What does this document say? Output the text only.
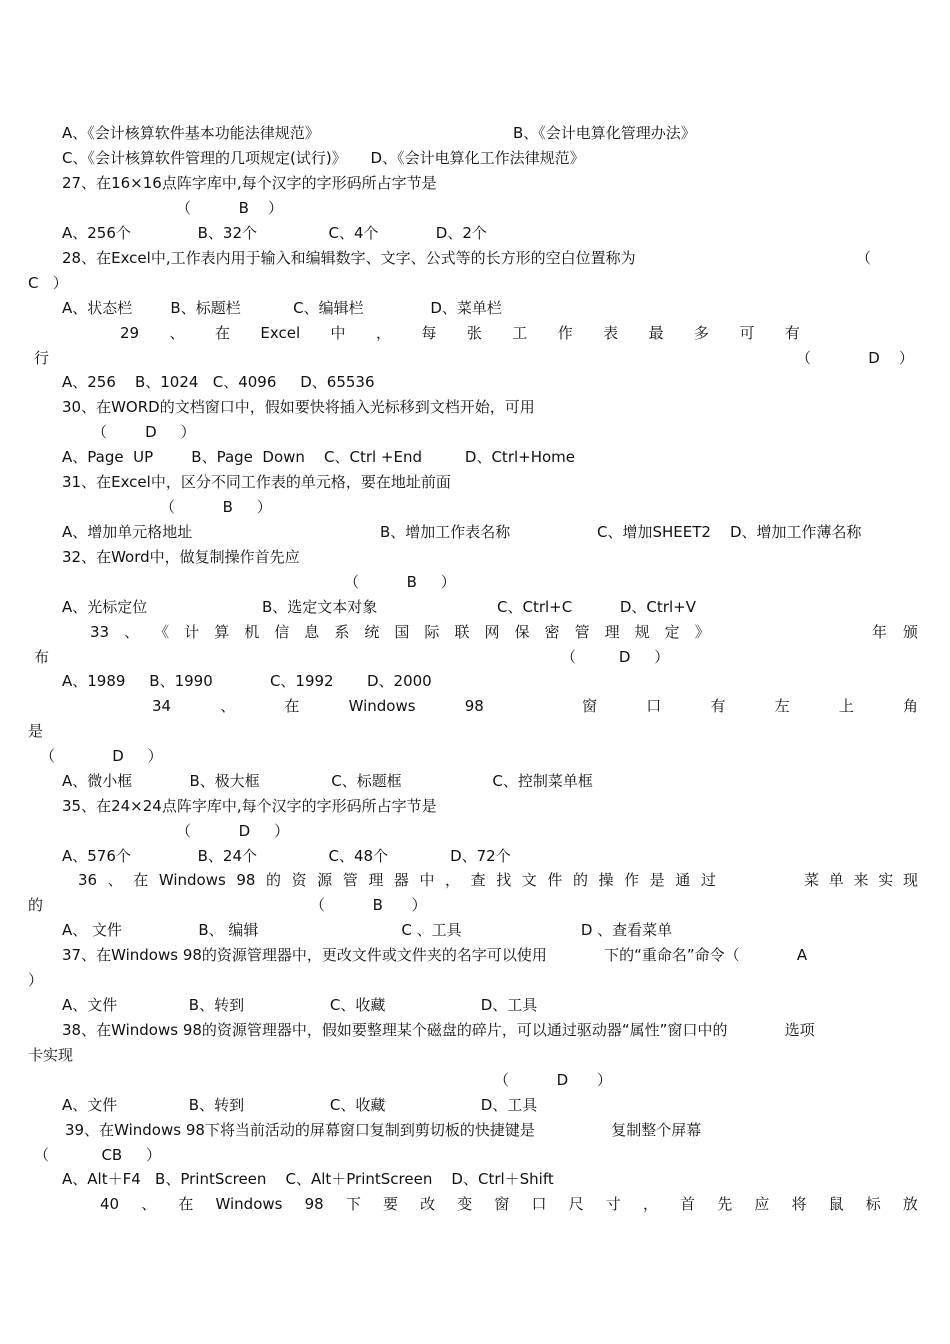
A、《会计核算软件基本功能法律规范》	B、《会计电算化管理办法》
C、《会计核算软件管理的几项规定(试行)》     D、《会计电算化工作法律规范》
27、在16×16点阵字库中,每个汉字的字形码所占字节是
（          B    ）
A、256个              B、32个               C、4个            D、2个
28、在Excel中,工作表内用于输入和编辑数字、文字、公式等的长方形的空白位置称为	（
C   ）
A、状态栏        B、标题栏           C、编辑栏              D、菜单栏
行	（            D    ）
A、256    B、1024   C、4096     D、65536
30、在WORD的文档窗口中，假如要快将插入光标移到文档开始，可用
（        D     ）
A、Page  UP        B、Page  Down    C、Ctrl +End         D、Ctrl+Home
31、在Excel中，区分不同工作表的单元格，要在地址前面
（          B     ）
A、增加单元格地址	B、增加工作表名称	C、增加SHEET2    D、增加工作薄名称
32、在Word中，做复制操作首先应
（          B     ）
A、光标定位	B、选定文本对象	C、Ctrl+C          D、Ctrl+V
布	（         D     ）
A、1989     B、1990            C、1992       D、2000
是
（            D     ）
A、微小框            B、极大框               C、标题框                   C、控制菜单框
35、在24×24点阵字库中,每个汉字的字形码所占字节是
（          D     ）
A、576个              B、24个               C、48个             D、72个
的	（          B      ）
A、 文件                B、 编辑                              C 、工具                         D 、查看菜单
37、在Windows 98的资源管理器中，更改文件或文件夹的名字可以使用            下的“重命名”命令（            A
）
A、文件               B、转到                  C、收藏                    D、工具
38、在Windows 98的资源管理器中，假如要整理某个磁盘的碎片，可以通过驱动器“属性”窗口中的            选项
卡实现
（          D      ）
A、文件               B、转到                  C、收藏                    D、工具
39、在Windows 98下将当前活动的屏幕窗口复制到剪切板的快捷键是                复制整个屏幕
（           CB     ）
A、Alt＋F4   B、PrintScreen    C、Alt＋PrintScreen    D、Ctrl＋Shift
29 、 在 Excel 中 ， 每 张 工 作 表 最 多 可 有
33 、 《 计 算 机 信 息 系 统 国 际 联 网 保 密 管 理 规 定 》	年 颁
34	、	在	Windows	98	窗	口	有	左	上	角
36 、 在 Windows 98 的 资 源 管 理 器 中 ， 查 找 文 件 的 操 作 是 通 过	菜 单 来 实 现
40 、 在 Windows 98 下 要 改 变 窗 口 尺 寸 ， 首 先 应 将 鼠 标 放
